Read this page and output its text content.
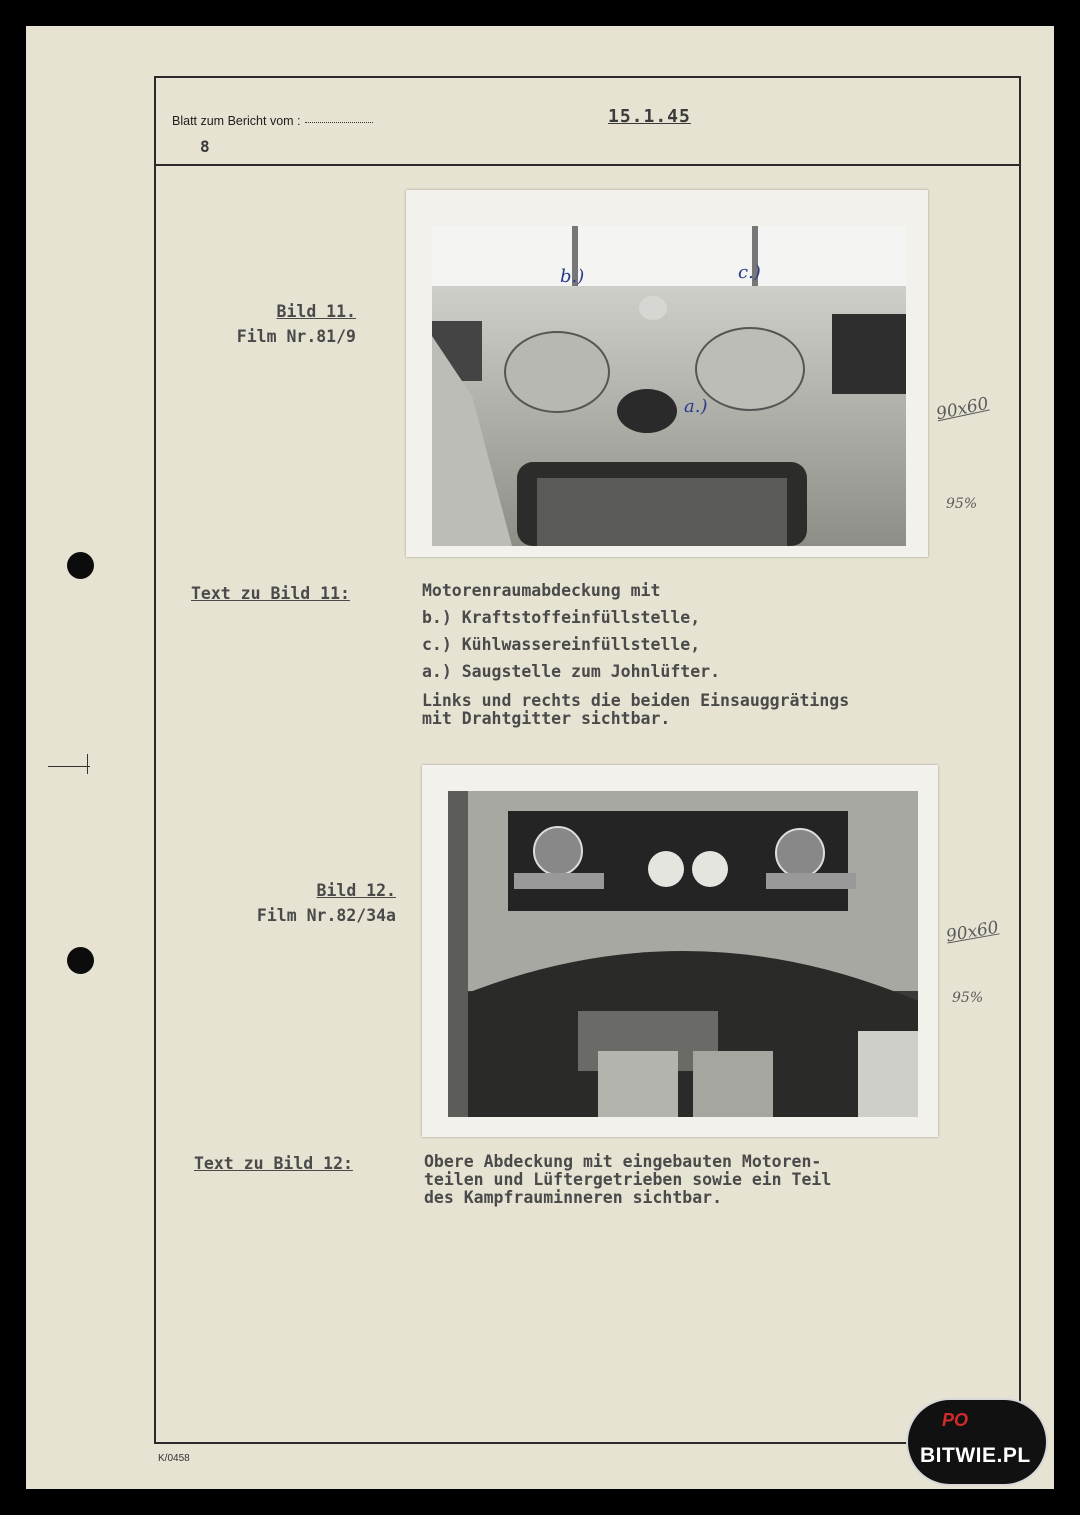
Blatt zum Bericht vom :
8
15.1.45
Bild 11.
Film Nr.81/9
b.)	c.)
a.)	90x60
95%
Text zu Bild 11:	Motorenraumabdeckung mit
b.) Kraftstoffeinfüllstelle,
c.) Kühlwassereinfüllstelle,
a.) Saugstelle zum Johnlüfter.
Links und rechts die beiden Einsauggrätings
mit Drahtgitter sichtbar.
Bild 12.
Film Nr.82/34a
90x60
95%
Text zu Bild 12:	Obere Abdeckung mit eingebauten Motoren-
teilen und Lüftergetrieben sowie ein Teil
des Kampfrauminneren sichtbar.
K/0458
PO
BITWIE.PL
